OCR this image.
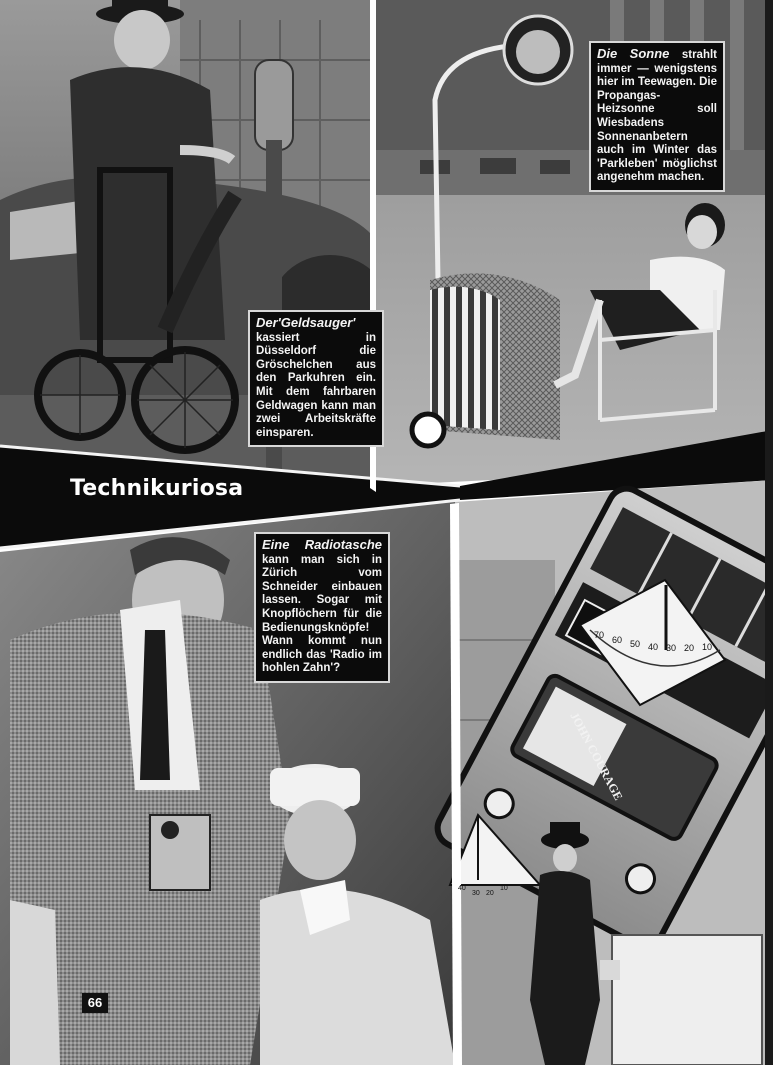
JOHN COURAGE
70 60 50 40 30 20 10
40
30 20
10
Der'Geldsauger' kassiert in Düsseldorf die Gröschelchen aus den Parkuhren ein. Mit dem fahrbaren Geldwagen kann man zwei Arbeitskräfte einsparen.
Die Sonne strahlt immer — wenigstens hier im Teewagen. Die Propangas-Heizsonne soll Wiesbadens Sonnenanbetern auch im Winter das 'Parkleben' möglichst angenehm machen.
Eine Radiotasche kann man sich in Zürich vom Schneider einbauen lassen. Sogar mit Knopflöchern für die Bedienungsknöpfe! Wann kommt nun endlich das 'Radio im hohlen Zahn'?
Technikuriosa
66
